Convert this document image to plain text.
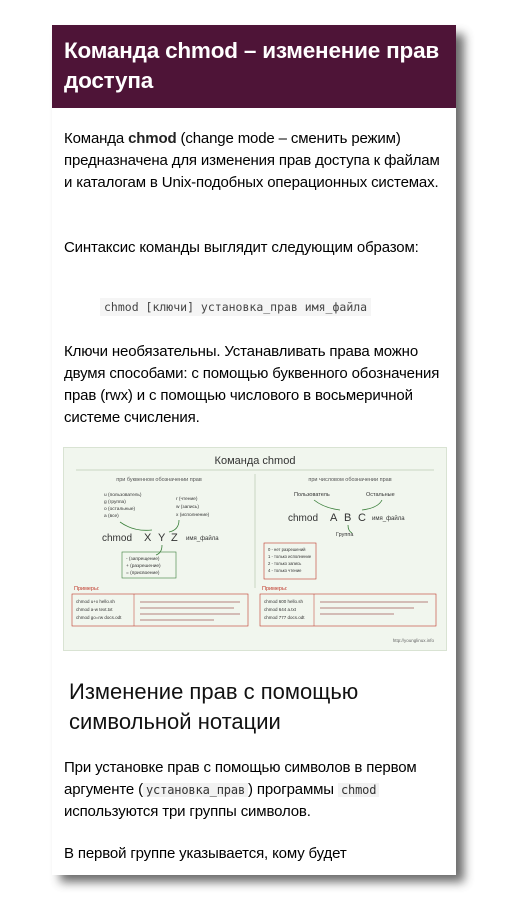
Команда chmod – изменение прав доступа

Команда chmod (change mode – сменить режим) предназначена для изменения прав доступа к файлам и каталогам в Unix-подобных операционных системах.

Синтаксис команды выглядит следующим образом:

chmod [ключи] установка_прав имя_файла

Ключи необязательны. Устанавливать права можно двумя способами: с помощью буквенного обозначения прав (rwx) и с помощью числового в восьмеричной системе счисления.

Команда chmod
при буквенном обозначении прав
u (пользователь)
g (группа)
o (остальные)
a (все)
r (чтение)
w (запись)
x (исполнение)
chmod X Y Z имя_файла
- (запрещение)
+ (разрешение)
= (присвоение)
при числовом обозначении прав
Пользователь	Остальные
chmod A B C имя_файла
Группа
0 - нет разрешений
1 - только исполнение
2 - только запись
4 - только чтение
Примеры:	Примеры:
chmod u+x hello.sh
chmod a-w text.txt
chmod go=rw docs.odt
chmod 600 hello.sh
chmod 644 a.txt
chmod 777 docs.odt
http://younglinux.info
Изменение прав с помощью символьной нотации

При установке прав с помощью символов в первом аргументе ( установка_прав ) программы chmod используются три группы символов.

В первой группе указывается, кому будет
